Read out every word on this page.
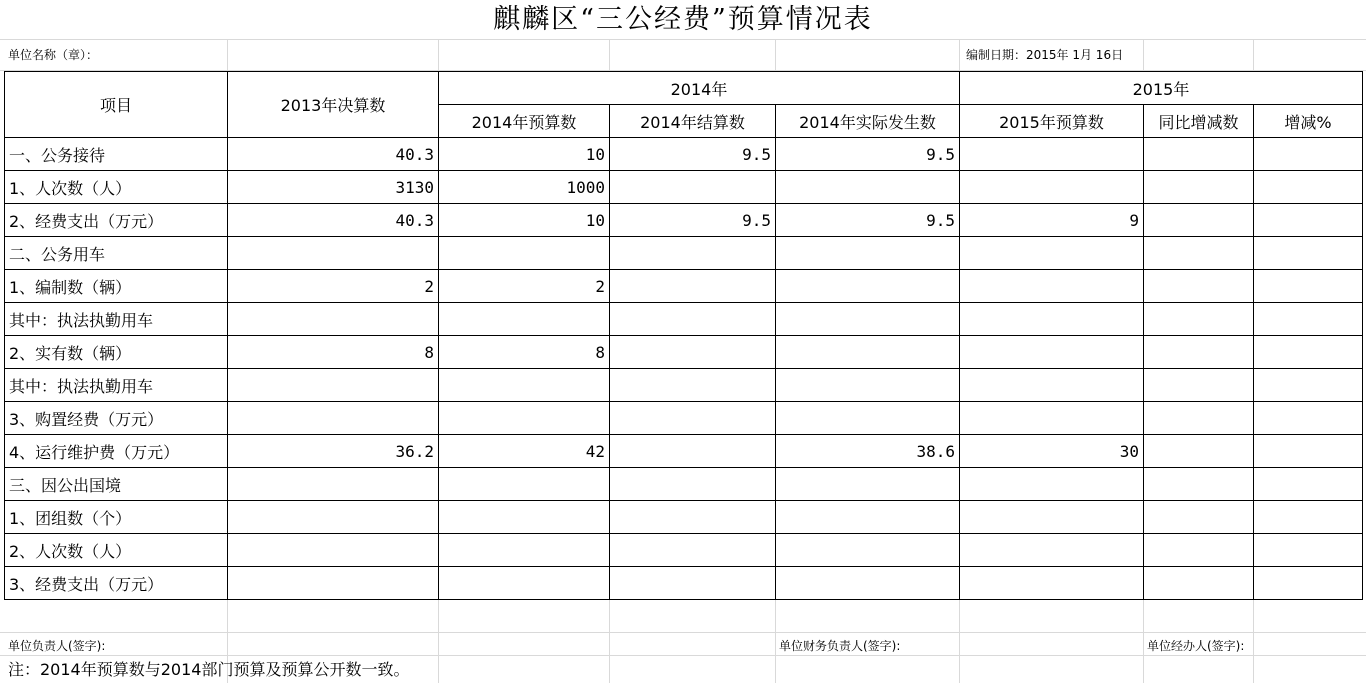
麒麟区“三公经费”预算情况表
单位名称（章）：	编制日期：2015年 1月 16日
项目	2013年决算数	2014年			2015年		
		2014年预算数	2014年结算数	2014年实际发生数	2015年预算数	同比增减数	增减%
一、公务接待	40.3	10	9.5	9.5			
1、人次数（人）	3130	1000					
2、经费支出（万元）	40.3	10	9.5	9.5	9		
二、公务用车							
1、编制数（辆）	2	2					
其中：执法执勤用车							
2、实有数（辆）	8	8					
其中：执法执勤用车							
3、购置经费（万元）							
4、运行维护费（万元）	36.2	42		38.6	30		
三、因公出国境							
1、团组数（个）							
2、人次数（人）							
3、经费支出（万元）							
单位负责人(签字):	单位财务负责人(签字):	单位经办人(签字):
注：2014年预算数与2014部门预算及预算公开数一致。
